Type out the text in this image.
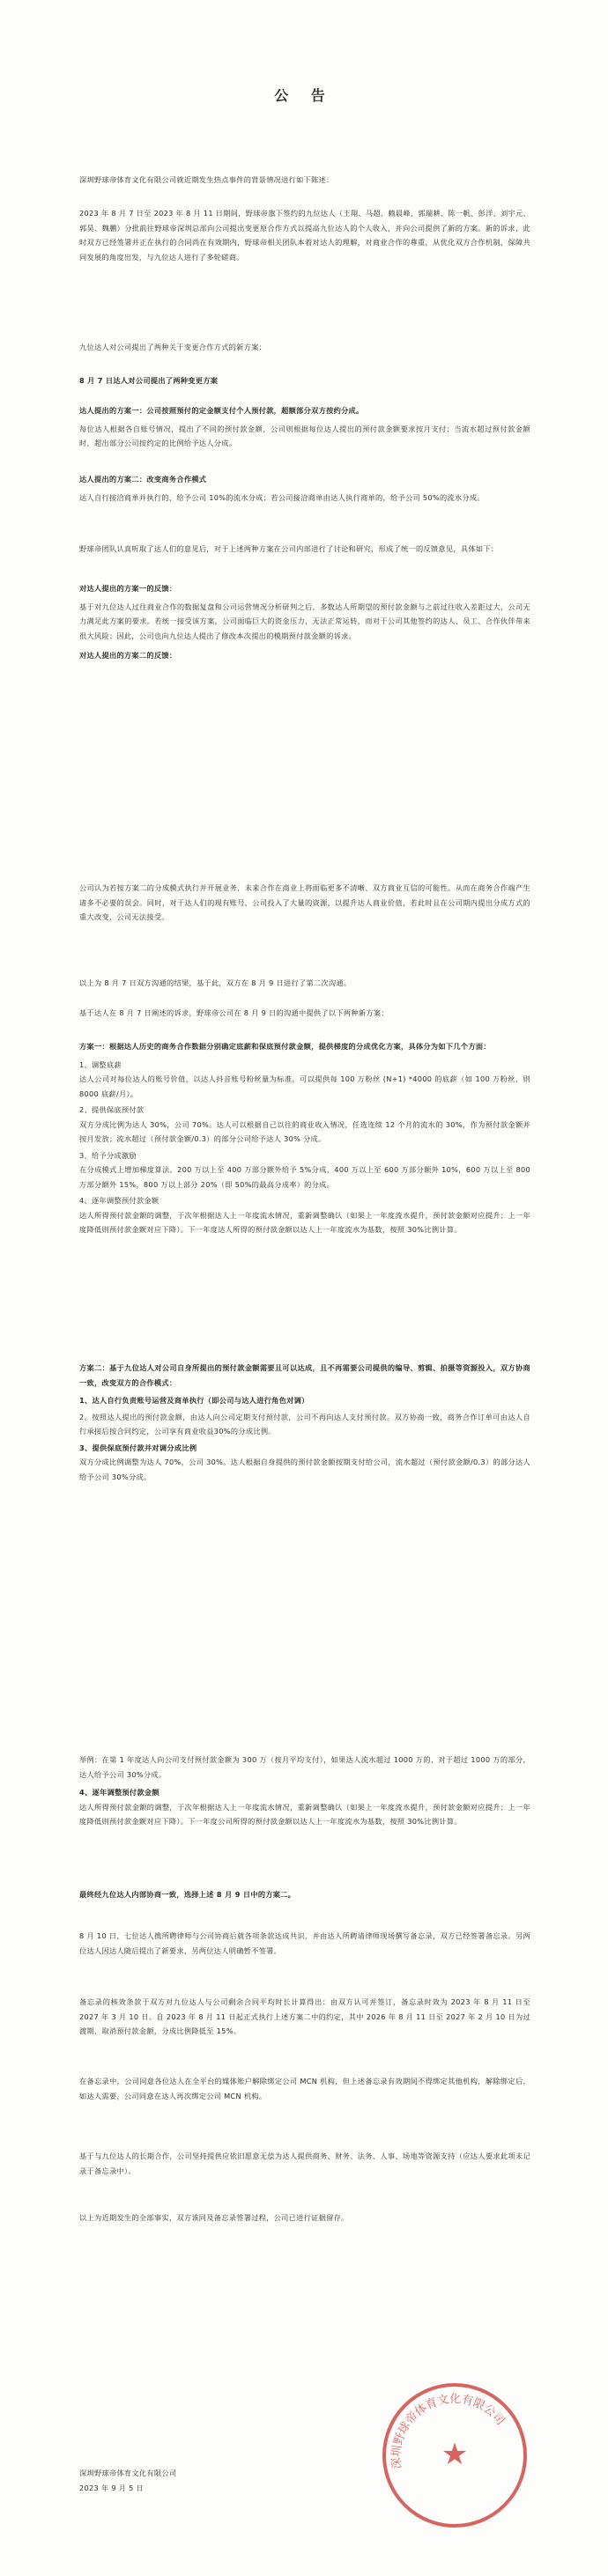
公 告

深圳野球帝体育文化有限公司就近期发生热点事件的背景情况进行如下陈述：

2023 年 8 月 7 日至 2023 年 8 月 11 日期间，野球帝旗下签约的九位达人（王翔、马超、赖晨峰、郭瑞耕、陈一帆、彭洋、刘宇元、郭昊、魏鹏）分批前往野球帝深圳总部向公司提出变更原合作方式以提高九位达人的个人收入，并向公司提供了新的方案。新的诉求，此时双方已经签署并正在执行的合同尚在有效期内，野球帝相关团队本着对达人的理解，对商业合作的尊重，从优化双方合作机制，保障共同发展的角度出发，与九位达人进行了多轮磋商。

九位达人对公司提出了两种关于变更合作方式的新方案：

8 月 7 日达人对公司提出了两种变更方案

达人提出的方案一：公司按照预付的定金额支付个人预付款，超额部分双方按约分成。

每位达人根据各自账号情况，提出了不同的预付款金额，公司则根据每位达人提出的预付款金额要求按月支付；当流水超过预付款金额时，超出部分公司按约定的比例给予达人分成。

达人提出的方案二：改变商务合作模式

达人自行接洽商单并执行的，给予公司 10%的流水分成；若公司接洽商单由达人执行商单的，给予公司 50%的流水分成。

野球帝团队认真听取了达人们的意见后，对于上述两种方案在公司内部进行了讨论和研究，形成了统一的反馈意见，具体如下：

对达人提出的方案一的反馈：

基于对九位达人过往商业合作的数据复盘和公司运营情况分析研判之后，多数达人所期望的预付款金额与之前过往收入差距过大，公司无力满足此方案的要求。若统一接受该方案，公司面临巨大的资金压力，无法正常运转，而对于公司其他签约的达人、员工、合作伙伴带来很大风险；因此，公司也向九位达人提出了修改本次提出的模期预付款金额的诉求。

对达人提出的方案二的反馈：

公司认为若按方案二的分成模式执行并开展业务，未来合作在商业上将面临更多不清晰、双方商业互信的可能性。从而在商务合作端产生诸多不必要的误会。同时，对于达人们的现有账号，公司投入了大量的资源，以提升达人商业价值，若此时且在公司期内提出分成方式的重大改变，公司无法接受。

以上为 8 月 7 日双方沟通的结果，基于此，双方在 8 月 9 日进行了第二次沟通。

基于达人在 8 月 7 日阐述的诉求，野球帝公司在 8 月 9 日的沟通中提供了以下两种新方案：

方案一：根据达人历史的商务合作数据分别确定底薪和保底预付款金额，提供梯度的分成优化方案，具体分为如下几个方面：

1、调整底薪

达人公司对每位达人的账号价值，以达人抖音账号粉丝量为标准，可以提供每 100 万粉丝 (N+1) *4000 的底薪（如 100 万粉丝，则 8000 底薪/月）。

2、提供保底预付款

双方分成比例为达人 30%，公司 70%。达人可以根据自己以往的商业收入情况，任选连续 12 个月的流水的 30%，作为预付款金额并按月发放；流水超过（预付款金额/0.3）的部分公司给予达人 30% 分成。

3、给予分成激励

在分成模式上增加梯度算法。200 万以上至 400 万部分额外给予 5%分成，400 万以上至 600 万部分额外 10%，600 万以上至 800 万部分额外 15%，800 万以上部分 20%（即 50%的最高分成率）的分成。

4、逐年调整预付款金额

达人所得预付款金额的调整，于次年根据达人上一年度流水情况，重新调整确认（如果上一年度流水提升，预付款金额对应提升；上一年度降低则预付款金额对应下降）。下一年度达人所得的预付款金额以达人上一年度流水为基数，按照 30%比例计算。

方案二：基于九位达人对公司自身所提出的预付款金额需要且可以达成，且不再需要公司提供的编导、剪辑、拍摄等资源投入，双方协商一致，改变双方的合作模式：

1、达人自行负责账号运营及商单执行（即公司与达人进行角色对调）

2、按照达人提出的预付款金额，由达人向公司定期支付预付款，公司不再向达人支付预付款。双方协商一致，商务合作订单可由达人自行承接后按合同约定，公司享有商业收益30%的分成比例。

3、提供保底预付款并对调分成比例

双方分成比例调整为达人 70%，公司 30%。达人根据自身提供的预付款金额按期支付给公司，流水超过（预付款金额/0.3）的部分达人给予公司 30%分成。

举例：在第 1 年度达人向公司支付预付款金额为 300 万（按月平均支付），如果达人流水超过 1000 万的，对于超过 1000 万的部分，达人给予公司 30%分成。

4、逐年调整预付款金额

达人所得预付款金额的调整，于次年根据达人上一年度流水情况，重新调整确认（如果上一年度流水提升，预付款金额对应提升；上一年度降低则预付款金额对应下降）。下一年度公司所得的预付款金额以达人上一年度流水为基数，按照 30%比例计算。

最终经九位达人内部协商一致，选择上述 8 月 9 日中的方案二。

8 月 10 日，七位达人携所聘律师与公司协商后就各项条款达成共识，并由达人所聘请律师现场撰写备忘录，双方已经签署备忘录。另两位达人因达人随后提出了新要求，另两位达人明确暂不签署。

备忘录的核效条款于双方对九位达人与公司剩余合同平均时长计算得出：由双方认可并签订，备忘录时效为 2023 年 8 月 11 日至 2027 年 3 月 10 日。自 2023 年 8 月 11 日起正式执行上述方案二中的约定，其中 2026 年 8 月 11 日至 2027 年 2 月 10 日为过渡期，取消预付款金额，分成比例降低至 15%。

在备忘录中，公司同意各位达人在全平台的媒体账户解除绑定公司 MCN 机构，但上述备忘录有效期间不得绑定其他机构，解除绑定后，如达人需要，公司同意在达人再次绑定公司 MCN 机构。

基于与九位达人的长期合作，公司坚持提供应依旧愿意无偿为达人提供商务、财务、法务、人事、场地等资源支持（应达人要求此项未记录于备忘录中）。

以上为近期发生的全部事实，双方该同及备忘录签署过程，公司已进行证据留存。

深圳野球帝体育文化有限公司
★

深圳野球帝体育文化有限公司

2023 年 9 月 5 日
